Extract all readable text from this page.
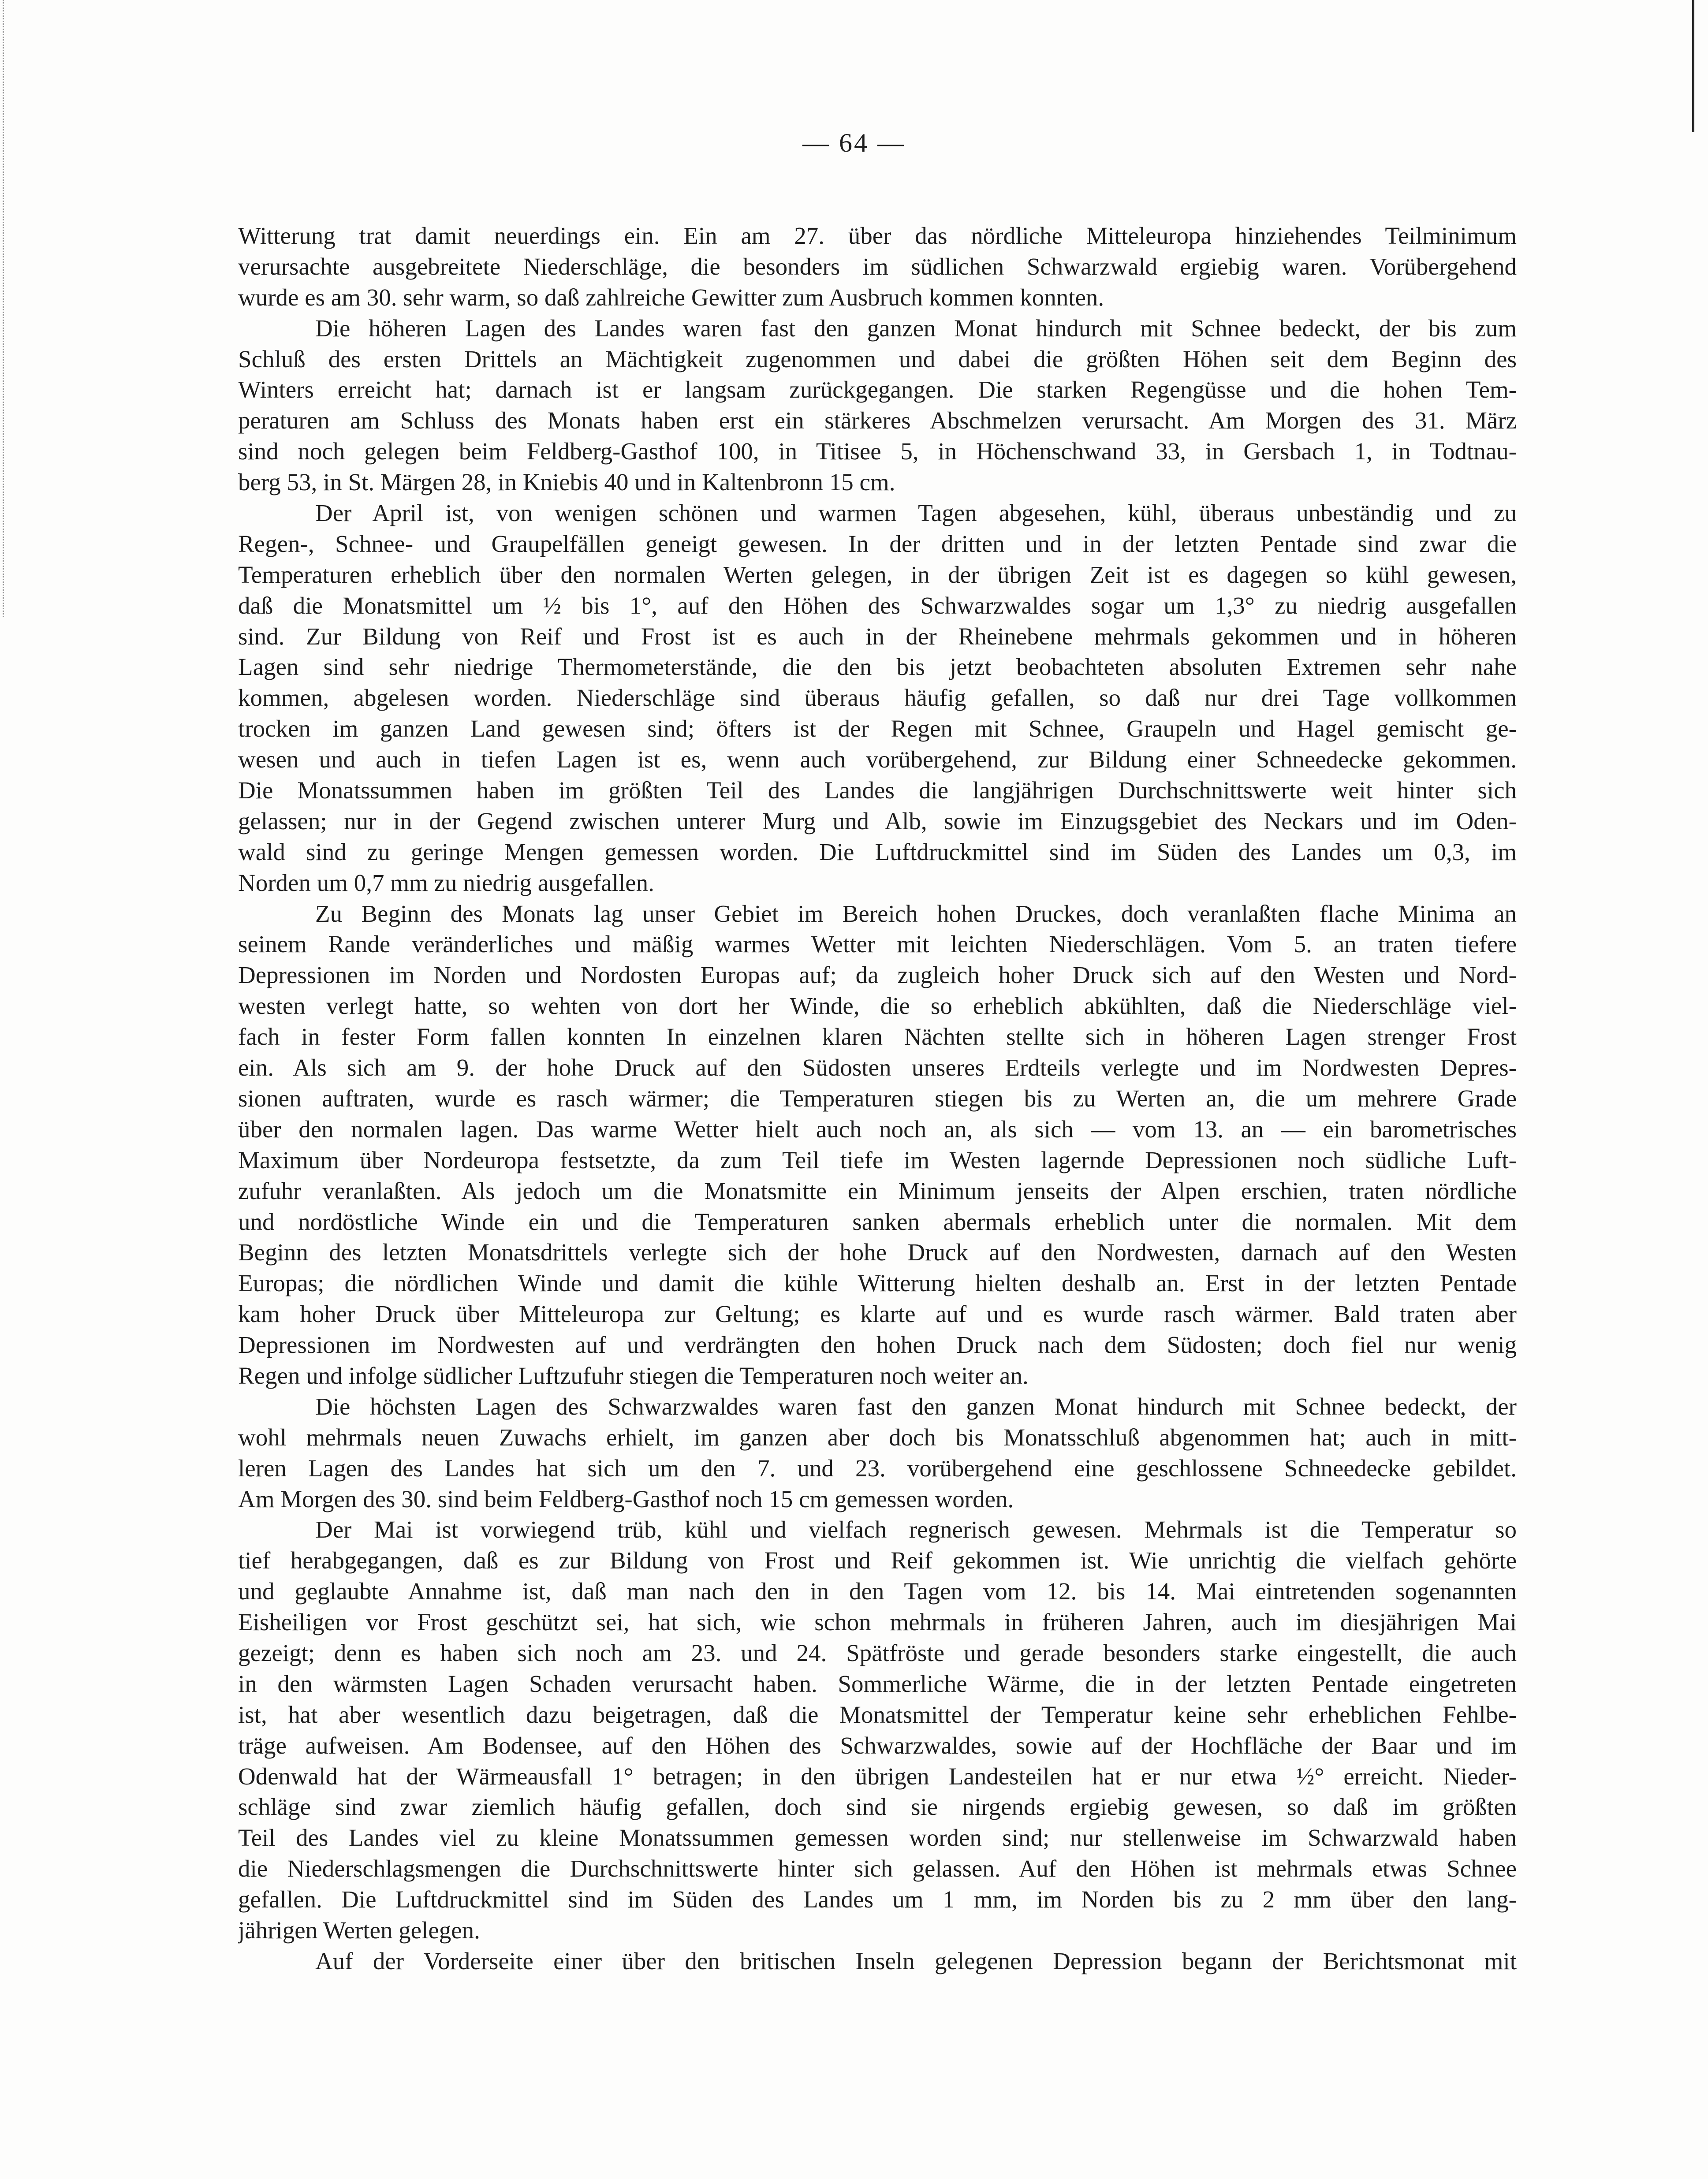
— 64 —
Witterung trat damit neuerdings ein. Ein am 27. über das nördliche Mitteleuropa hinziehendes Teilminimum
verursachte ausgebreitete Niederschläge, die besonders im südlichen Schwarzwald ergiebig waren. Vorübergehend
wurde es am 30. sehr warm, so daß zahlreiche Gewitter zum Ausbruch kommen konnten.
Die höheren Lagen des Landes waren fast den ganzen Monat hindurch mit Schnee bedeckt, der bis zum
Schluß des ersten Drittels an Mächtigkeit zugenommen und dabei die größten Höhen seit dem Beginn des
Winters erreicht hat; darnach ist er langsam zurückgegangen. Die starken Regengüsse und die hohen Tem-
peraturen am Schluss des Monats haben erst ein stärkeres Abschmelzen verursacht. Am Morgen des 31. März
sind noch gelegen beim Feldberg-Gasthof 100, in Titisee 5, in Höchenschwand 33, in Gersbach 1, in Todtnau-
berg 53, in St. Märgen 28, in Kniebis 40 und in Kaltenbronn 15 cm.
Der April ist, von wenigen schönen und warmen Tagen abgesehen, kühl, überaus unbeständig und zu
Regen-, Schnee- und Graupelfällen geneigt gewesen. In der dritten und in der letzten Pentade sind zwar die
Temperaturen erheblich über den normalen Werten gelegen, in der übrigen Zeit ist es dagegen so kühl gewesen,
daß die Monatsmittel um ½ bis 1°, auf den Höhen des Schwarzwaldes sogar um 1,3° zu niedrig ausgefallen
sind. Zur Bildung von Reif und Frost ist es auch in der Rheinebene mehrmals gekommen und in höheren
Lagen sind sehr niedrige Thermometerstände, die den bis jetzt beobachteten absoluten Extremen sehr nahe
kommen, abgelesen worden. Niederschläge sind überaus häufig gefallen, so daß nur drei Tage vollkommen
trocken im ganzen Land gewesen sind; öfters ist der Regen mit Schnee, Graupeln und Hagel gemischt ge-
wesen und auch in tiefen Lagen ist es, wenn auch vorübergehend, zur Bildung einer Schneedecke gekommen.
Die Monatssummen haben im größten Teil des Landes die langjährigen Durchschnittswerte weit hinter sich
gelassen; nur in der Gegend zwischen unterer Murg und Alb, sowie im Einzugsgebiet des Neckars und im Oden-
wald sind zu geringe Mengen gemessen worden. Die Luftdruckmittel sind im Süden des Landes um 0,3, im
Norden um 0,7 mm zu niedrig ausgefallen.
Zu Beginn des Monats lag unser Gebiet im Bereich hohen Druckes, doch veranlaßten flache Minima an
seinem Rande veränderliches und mäßig warmes Wetter mit leichten Niederschlägen. Vom 5. an traten tiefere
Depressionen im Norden und Nordosten Europas auf; da zugleich hoher Druck sich auf den Westen und Nord-
westen verlegt hatte, so wehten von dort her Winde, die so erheblich abkühlten, daß die Niederschläge viel-
fach in fester Form fallen konnten In einzelnen klaren Nächten stellte sich in höheren Lagen strenger Frost
ein. Als sich am 9. der hohe Druck auf den Südosten unseres Erdteils verlegte und im Nordwesten Depres-
sionen auftraten, wurde es rasch wärmer; die Temperaturen stiegen bis zu Werten an, die um mehrere Grade
über den normalen lagen. Das warme Wetter hielt auch noch an, als sich — vom 13. an — ein barometrisches
Maximum über Nordeuropa festsetzte, da zum Teil tiefe im Westen lagernde Depressionen noch südliche Luft-
zufuhr veranlaßten. Als jedoch um die Monatsmitte ein Minimum jenseits der Alpen erschien, traten nördliche
und nordöstliche Winde ein und die Temperaturen sanken abermals erheblich unter die normalen. Mit dem
Beginn des letzten Monatsdrittels verlegte sich der hohe Druck auf den Nordwesten, darnach auf den Westen
Europas; die nördlichen Winde und damit die kühle Witterung hielten deshalb an. Erst in der letzten Pentade
kam hoher Druck über Mitteleuropa zur Geltung; es klarte auf und es wurde rasch wärmer. Bald traten aber
Depressionen im Nordwesten auf und verdrängten den hohen Druck nach dem Südosten; doch fiel nur wenig
Regen und infolge südlicher Luftzufuhr stiegen die Temperaturen noch weiter an.
Die höchsten Lagen des Schwarzwaldes waren fast den ganzen Monat hindurch mit Schnee bedeckt, der
wohl mehrmals neuen Zuwachs erhielt, im ganzen aber doch bis Monatsschluß abgenommen hat; auch in mitt-
leren Lagen des Landes hat sich um den 7. und 23. vorübergehend eine geschlossene Schneedecke gebildet.
Am Morgen des 30. sind beim Feldberg-Gasthof noch 15 cm gemessen worden.
Der Mai ist vorwiegend trüb, kühl und vielfach regnerisch gewesen. Mehrmals ist die Temperatur so
tief herabgegangen, daß es zur Bildung von Frost und Reif gekommen ist. Wie unrichtig die vielfach gehörte
und geglaubte Annahme ist, daß man nach den in den Tagen vom 12. bis 14. Mai eintretenden sogenannten
Eisheiligen vor Frost geschützt sei, hat sich, wie schon mehrmals in früheren Jahren, auch im diesjährigen Mai
gezeigt; denn es haben sich noch am 23. und 24. Spätfröste und gerade besonders starke eingestellt, die auch
in den wärmsten Lagen Schaden verursacht haben. Sommerliche Wärme, die in der letzten Pentade eingetreten
ist, hat aber wesentlich dazu beigetragen, daß die Monatsmittel der Temperatur keine sehr erheblichen Fehlbe-
träge aufweisen. Am Bodensee, auf den Höhen des Schwarzwaldes, sowie auf der Hochfläche der Baar und im
Odenwald hat der Wärmeausfall 1° betragen; in den übrigen Landesteilen hat er nur etwa ½° erreicht. Nieder-
schläge sind zwar ziemlich häufig gefallen, doch sind sie nirgends ergiebig gewesen, so daß im größten
Teil des Landes viel zu kleine Monatssummen gemessen worden sind; nur stellenweise im Schwarzwald haben
die Niederschlagsmengen die Durchschnittswerte hinter sich gelassen. Auf den Höhen ist mehrmals etwas Schnee
gefallen. Die Luftdruckmittel sind im Süden des Landes um 1 mm, im Norden bis zu 2 mm über den lang-
jährigen Werten gelegen.
Auf der Vorderseite einer über den britischen Inseln gelegenen Depression begann der Berichtsmonat mit
